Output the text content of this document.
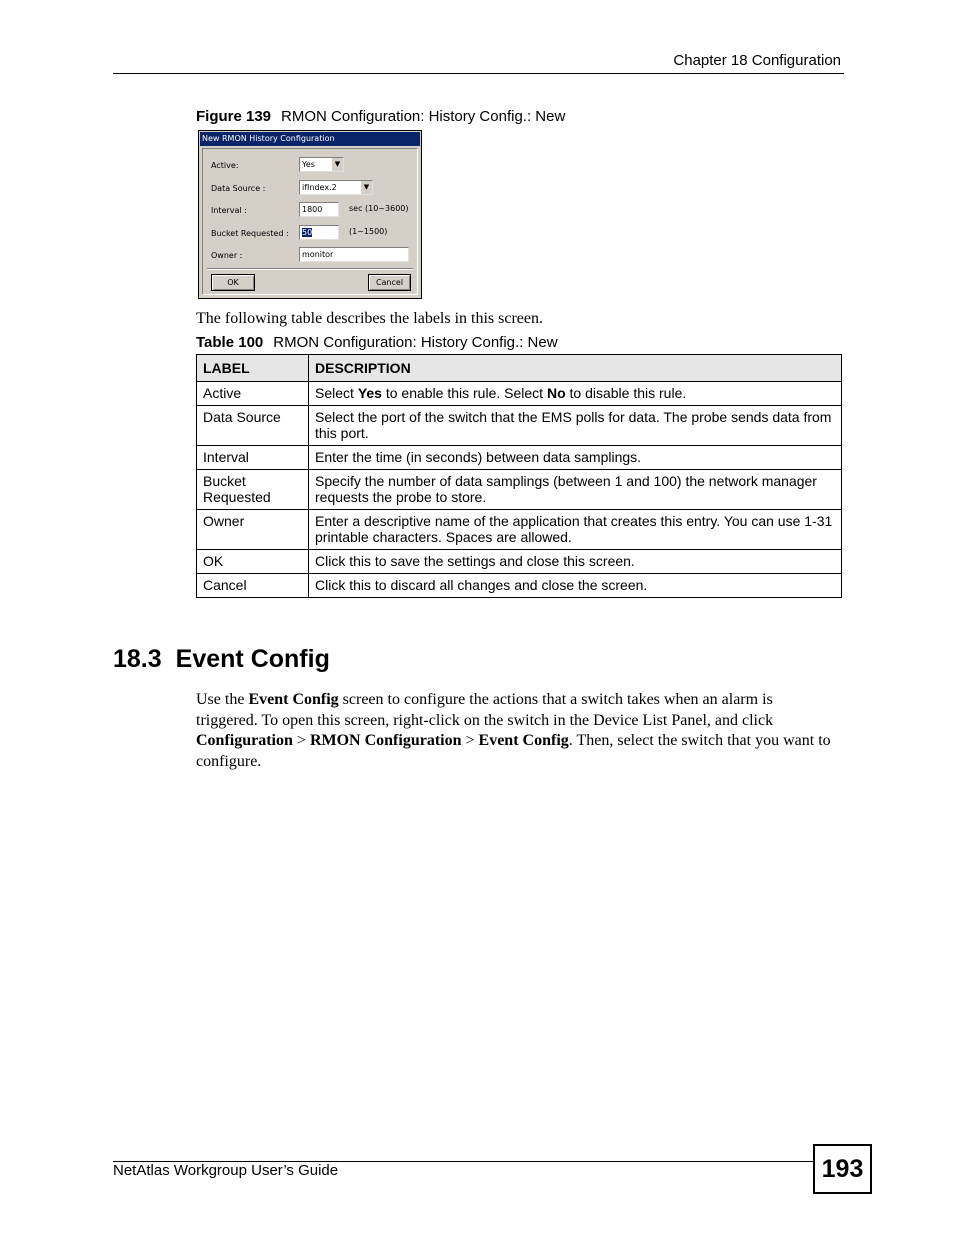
Chapter 18 Configuration
Figure 139 RMON Configuration: History Config.: New
New RMON History Configuration
Active:	Yes	▼
Data Source :	ifIndex.2	▼
Interval :	1800	sec (10~3600)
Bucket Requested :	50	(1~1500)
Owner :	monitor
OK	Cancel
The following table describes the labels in this screen.
Table 100 RMON Configuration: History Config.: New
LABEL	DESCRIPTION
Active	Select Yes to enable this rule. Select No to disable this rule.
Data Source	Select the port of the switch that the EMS polls for data. The probe sends data from this port.
Interval	Enter the time (in seconds) between data samplings.
Bucket Requested	Specify the number of data samplings (between 1 and 100) the network manager requests the probe to store.
Owner	Enter a descriptive name of the application that creates this entry. You can use 1-31 printable characters. Spaces are allowed.
OK	Click this to save the settings and close this screen.
Cancel	Click this to discard all changes and close the screen.
18.3 Event Config
Use the Event Config screen to configure the actions that a switch takes when an alarm is triggered. To open this screen, right-click on the switch in the Device List Panel, and click Configuration > RMON Configuration > Event Config. Then, select the switch that you want to configure.
NetAtlas Workgroup User’s Guide	193
